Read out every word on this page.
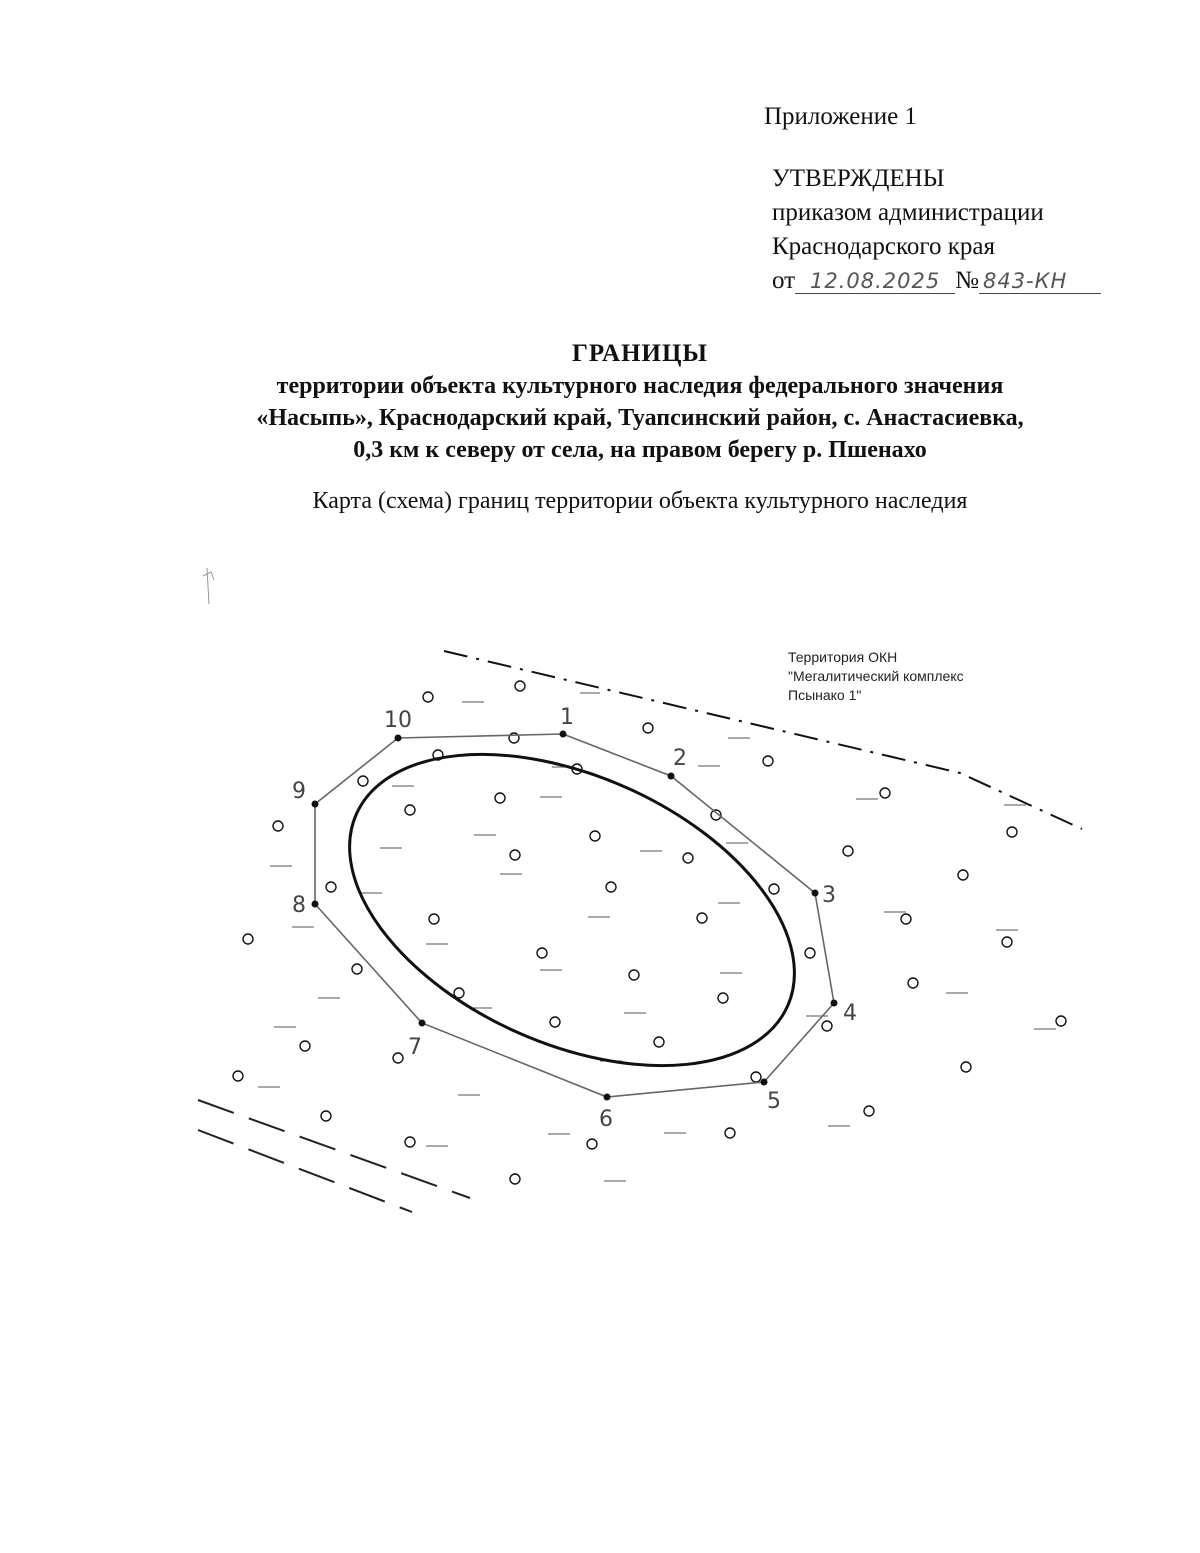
Приложение 1
УТВЕРЖДЕНЫ
приказом администрации
Краснодарского края
от 12.08.2025 № 843-КН
ГРАНИЦЫ
территории объекта культурного наследия федерального значения
«Насыпь», Краснодарский край, Туапсинский район, с. Анастасиевка,
0,3 км к северу от села, на правом берегу р. Пшенахо
Карта (схема) границ территории объекта культурного наследия
1
2
3
4
5
6
7
8
9
10
Территория ОКН
"Мегалитический комплекс
Псынако 1"
